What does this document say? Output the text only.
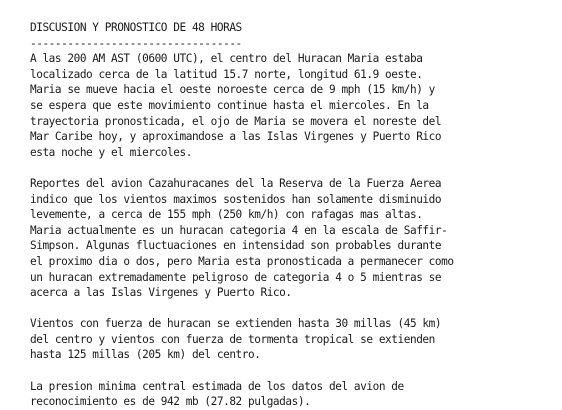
DISCUSION Y PRONOSTICO DE 48 HORAS
----------------------------------
A las 200 AM AST (0600 UTC), el centro del Huracan Maria estaba
localizado cerca de la latitud 15.7 norte, longitud 61.9 oeste.
Maria se mueve hacia el oeste noroeste cerca de 9 mph (15 km/h) y
se espera que este movimiento continue hasta el miercoles. En la
trayectoria pronosticada, el ojo de Maria se movera el noreste del
Mar Caribe hoy, y aproximandose a las Islas Virgenes y Puerto Rico
esta noche y el miercoles.
Reportes del avion Cazahuracanes del la Reserva de la Fuerza Aerea
indico que los vientos maximos sostenidos han solamente disminuido
levemente, a cerca de 155 mph (250 km/h) con rafagas mas altas.
Maria actualmente es un huracan categoria 4 en la escala de Saffir-
Simpson. Algunas fluctuaciones en intensidad son probables durante
el proximo dia o dos, pero Maria esta pronosticada a permanecer como
un huracan extremadamente peligroso de categoria 4 o 5 mientras se
acerca a las Islas Virgenes y Puerto Rico.
Vientos con fuerza de huracan se extienden hasta 30 millas (45 km)
del centro y vientos con fuerza de tormenta tropical se extienden
hasta 125 millas (205 km) del centro.
La presion minima central estimada de los datos del avion de
reconocimiento es de 942 mb (27.82 pulgadas).
